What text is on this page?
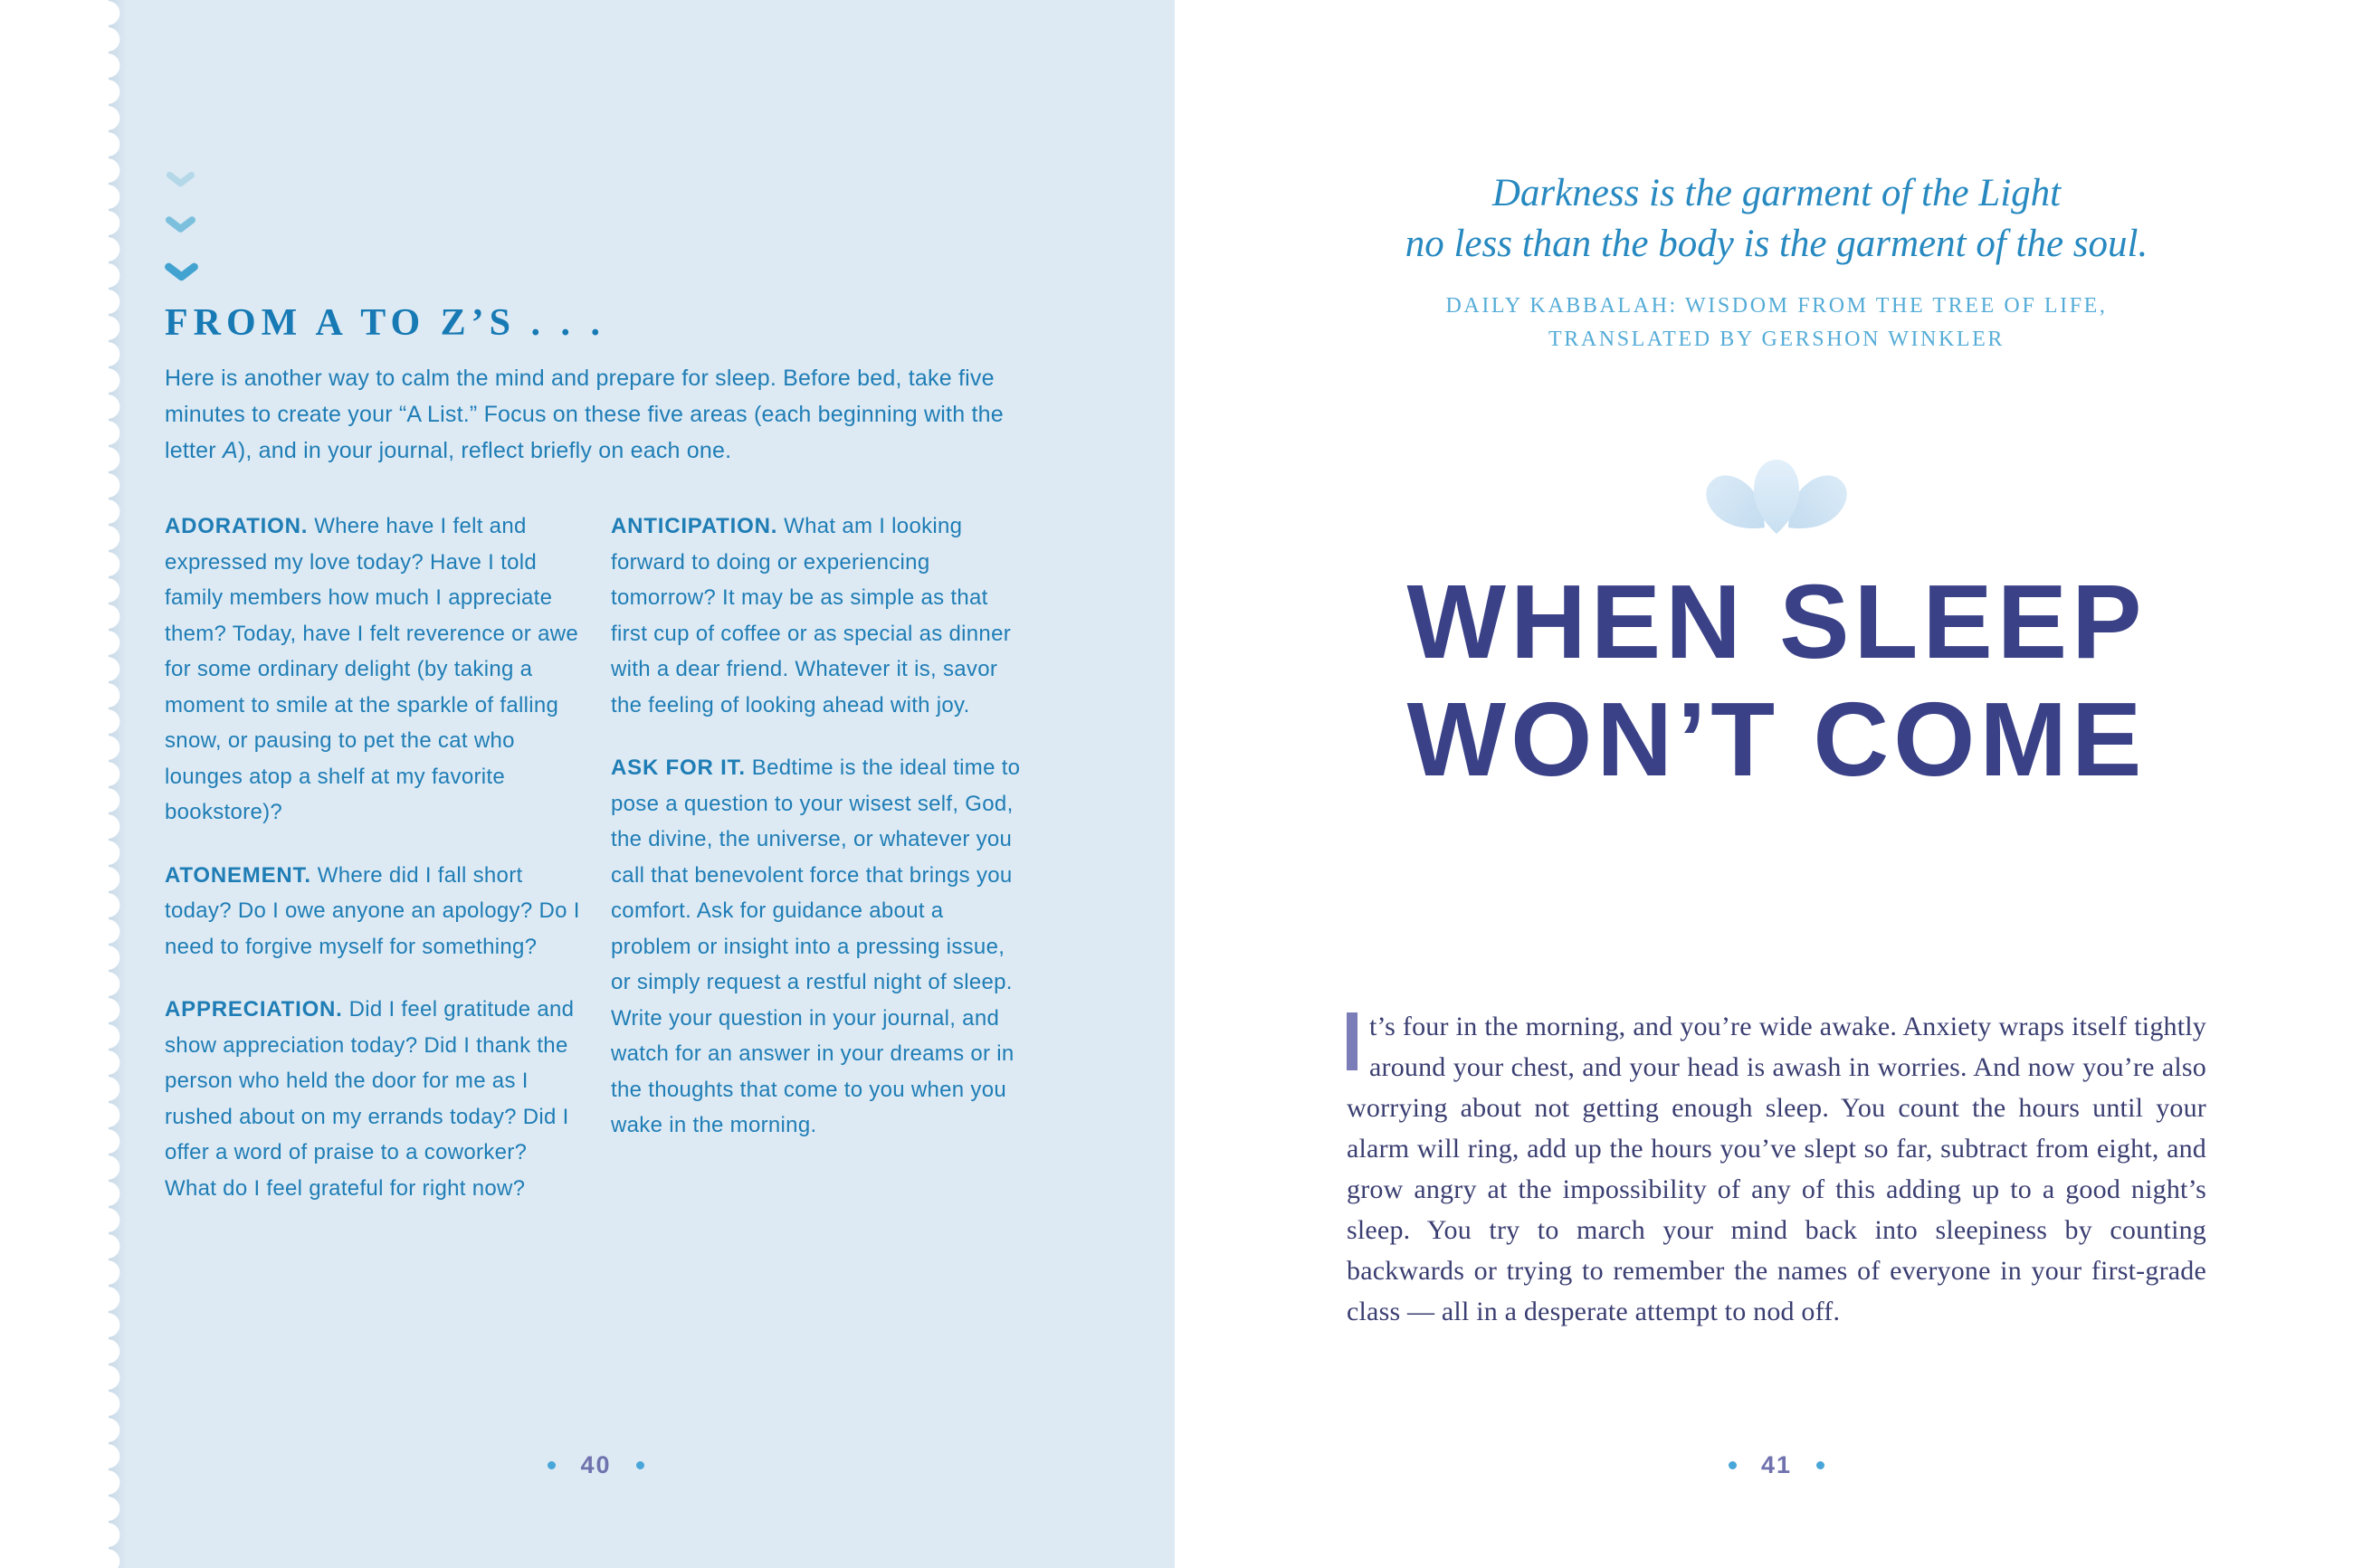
FROM A TO Z’S . . .

Here is another way to calm the mind and prepare for sleep. Before bed, take five minutes to create your “A List.” Focus on these five areas (each beginning with the letter A), and in your journal, reflect briefly on each one.

ADORATION. Where have I felt and expressed my love today? Have I told family members how much I appreciate them? Today, have I felt reverence or awe for some ordinary delight (by taking a moment to smile at the sparkle of falling snow, or pausing to pet the cat who lounges atop a shelf at my favorite bookstore)?

ATONEMENT. Where did I fall short today? Do I owe anyone an apology? Do I need to forgive myself for something?

APPRECIATION. Did I feel gratitude and show appreciation today? Did I thank the person who held the door for me as I rushed about on my errands today? Did I offer a word of praise to a coworker? What do I feel grateful for right now?

ANTICIPATION. What am I looking forward to doing or experiencing tomorrow? It may be as simple as that first cup of coffee or as special as dinner with a dear friend. Whatever it is, savor the feeling of looking ahead with joy.

ASK FOR IT. Bedtime is the ideal time to pose a question to your wisest self, God, the divine, the universe, or whatever you call that benevolent force that brings you comfort. Ask for guidance about a problem or insight into a pressing issue, or simply request a restful night of sleep. Write your question in your journal, and watch for an answer in your dreams or in the thoughts that come to you when you wake in the morning.

40
Darkness is the garment of the Light
no less than the body is the garment of the soul.
DAILY KABBALAH: WISDOM FROM THE TREE OF LIFE,
TRANSLATED BY GERSHON WINKLER
WHEN SLEEP
WON’T COME

t’s four in the morning, and you’re wide awake. Anxiety wraps itself tightly around your chest, and your head is awash in worries. And now you’re also worrying about not getting enough sleep. You count the hours until your alarm will ring, add up the hours you’ve slept so far, subtract from eight, and grow angry at the impossibility of any of this adding up to a good night’s sleep. You try to march your mind back into sleepiness by counting backwards or trying to remember the names of everyone in your first-grade class — all in a desperate attempt to nod off.

41
